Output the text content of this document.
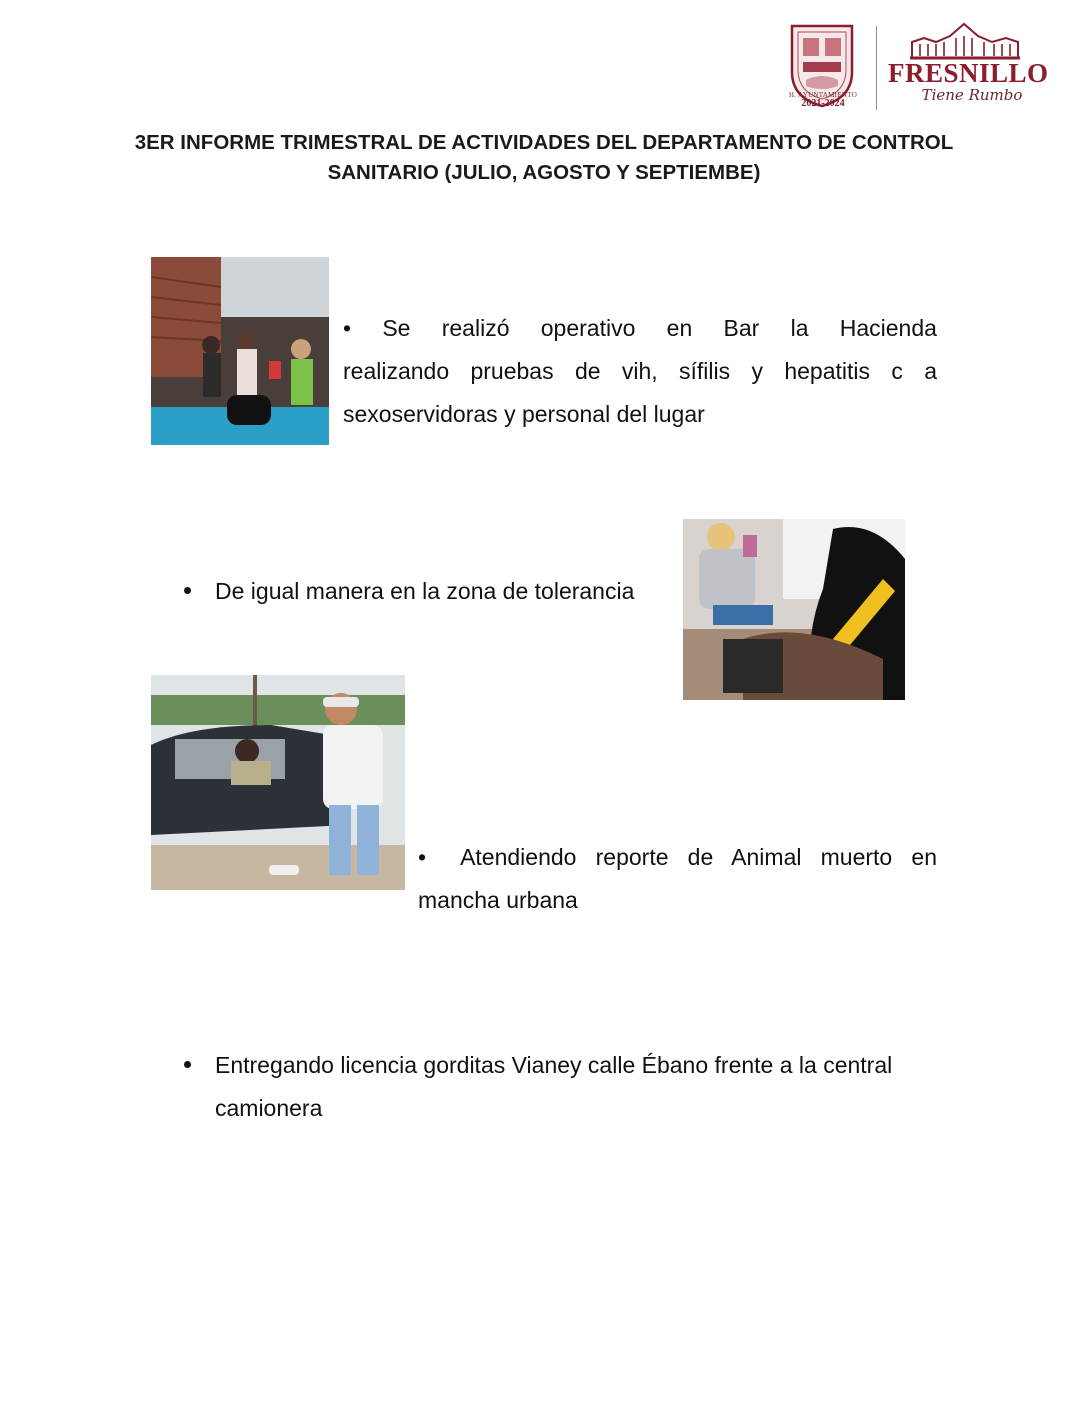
H. AYUNTAMIENTO
2021-2024
FRESNILLO
Tiene Rumbo
3ER INFORME TRIMESTRAL DE ACTIVIDADES DEL DEPARTAMENTO DE CONTROL SANITARIO (JULIO, AGOSTO Y SEPTIEMBE)
• Se realizó operativo en Bar la Hacienda
realizando pruebas de vih, sífilis y hepatitis c a
sexoservidoras y personal del lugar
De igual manera en la zona de tolerancia
• Atendiendo reporte de Animal muerto en
mancha urbana
Entregando licencia gorditas Vianey calle Ébano frente a la central camionera
